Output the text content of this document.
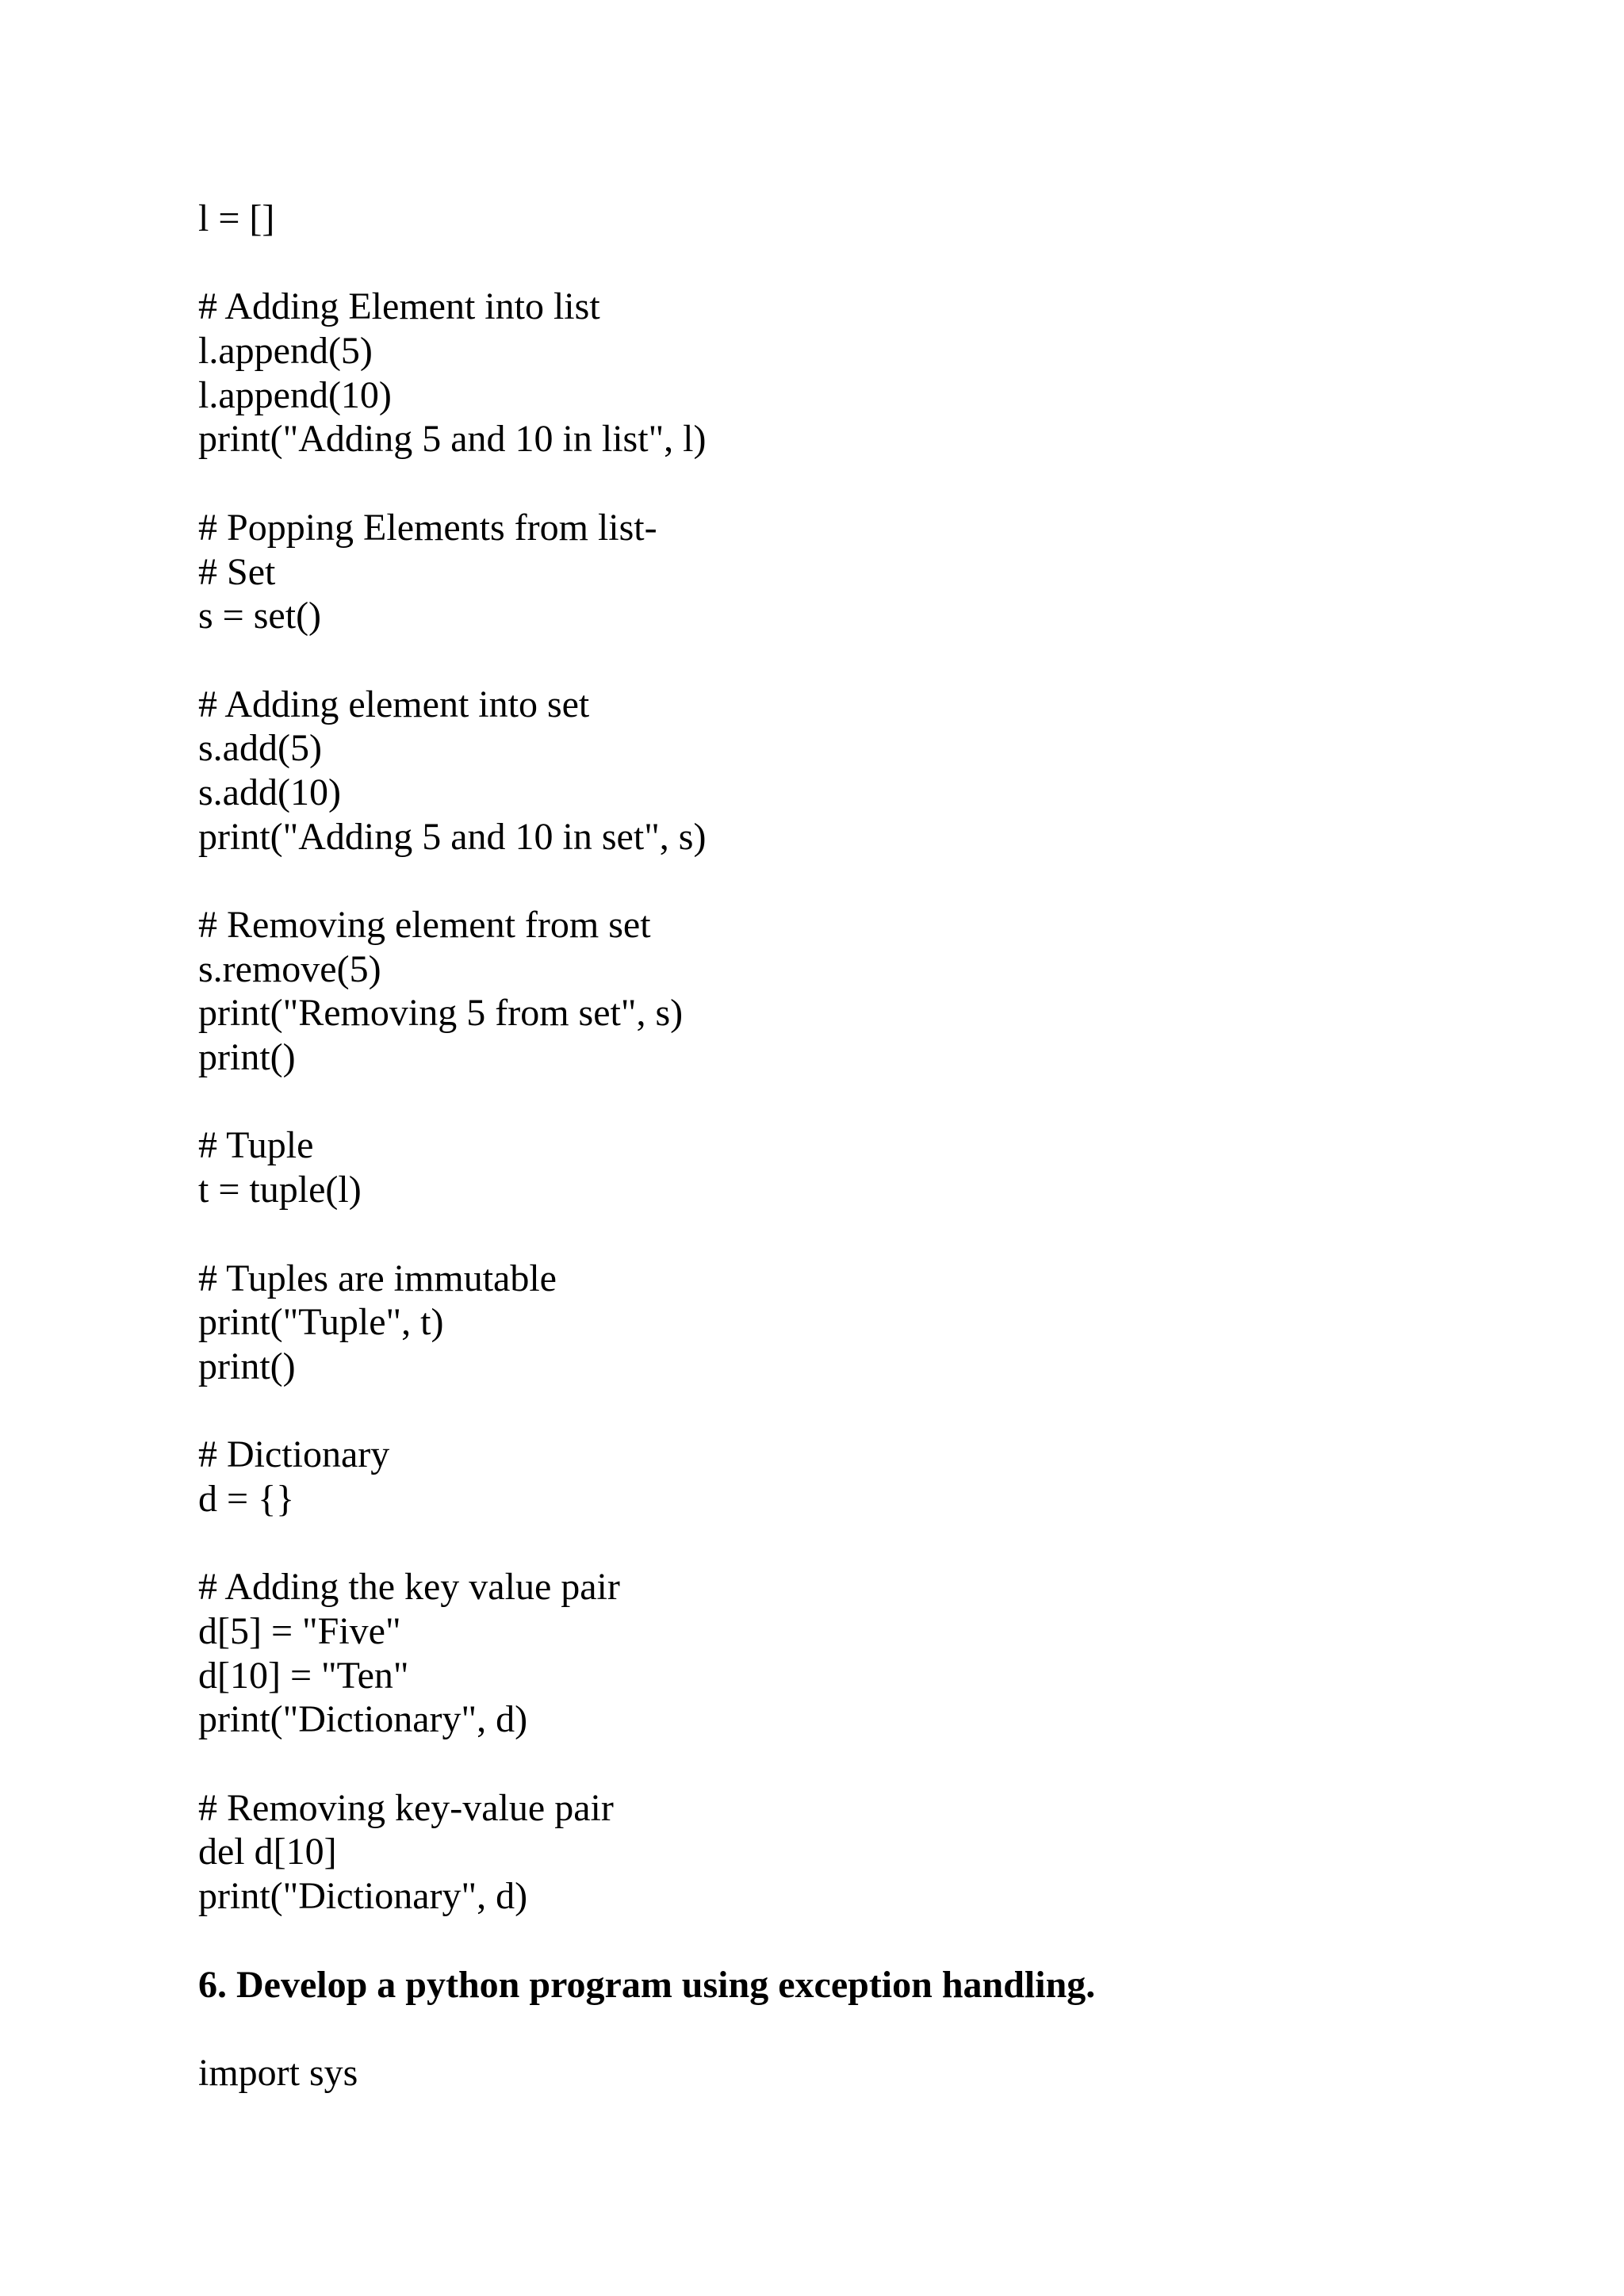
l = []
# Adding Element into list
l.append(5)
l.append(10)
print("Adding 5 and 10 in list", l)
# Popping Elements from list-
# Set
s = set()
# Adding element into set
s.add(5)
s.add(10)
print("Adding 5 and 10 in set", s)
# Removing element from set
s.remove(5)
print("Removing 5 from set", s)
print()
# Tuple
t = tuple(l)
# Tuples are immutable
print("Tuple", t)
print()
# Dictionary
d = {}
# Adding the key value pair
d[5] = "Five"
d[10] = "Ten"
print("Dictionary", d)
# Removing key-value pair
del d[10]
print("Dictionary", d)
6. Develop a python program using exception handling.
import sys
